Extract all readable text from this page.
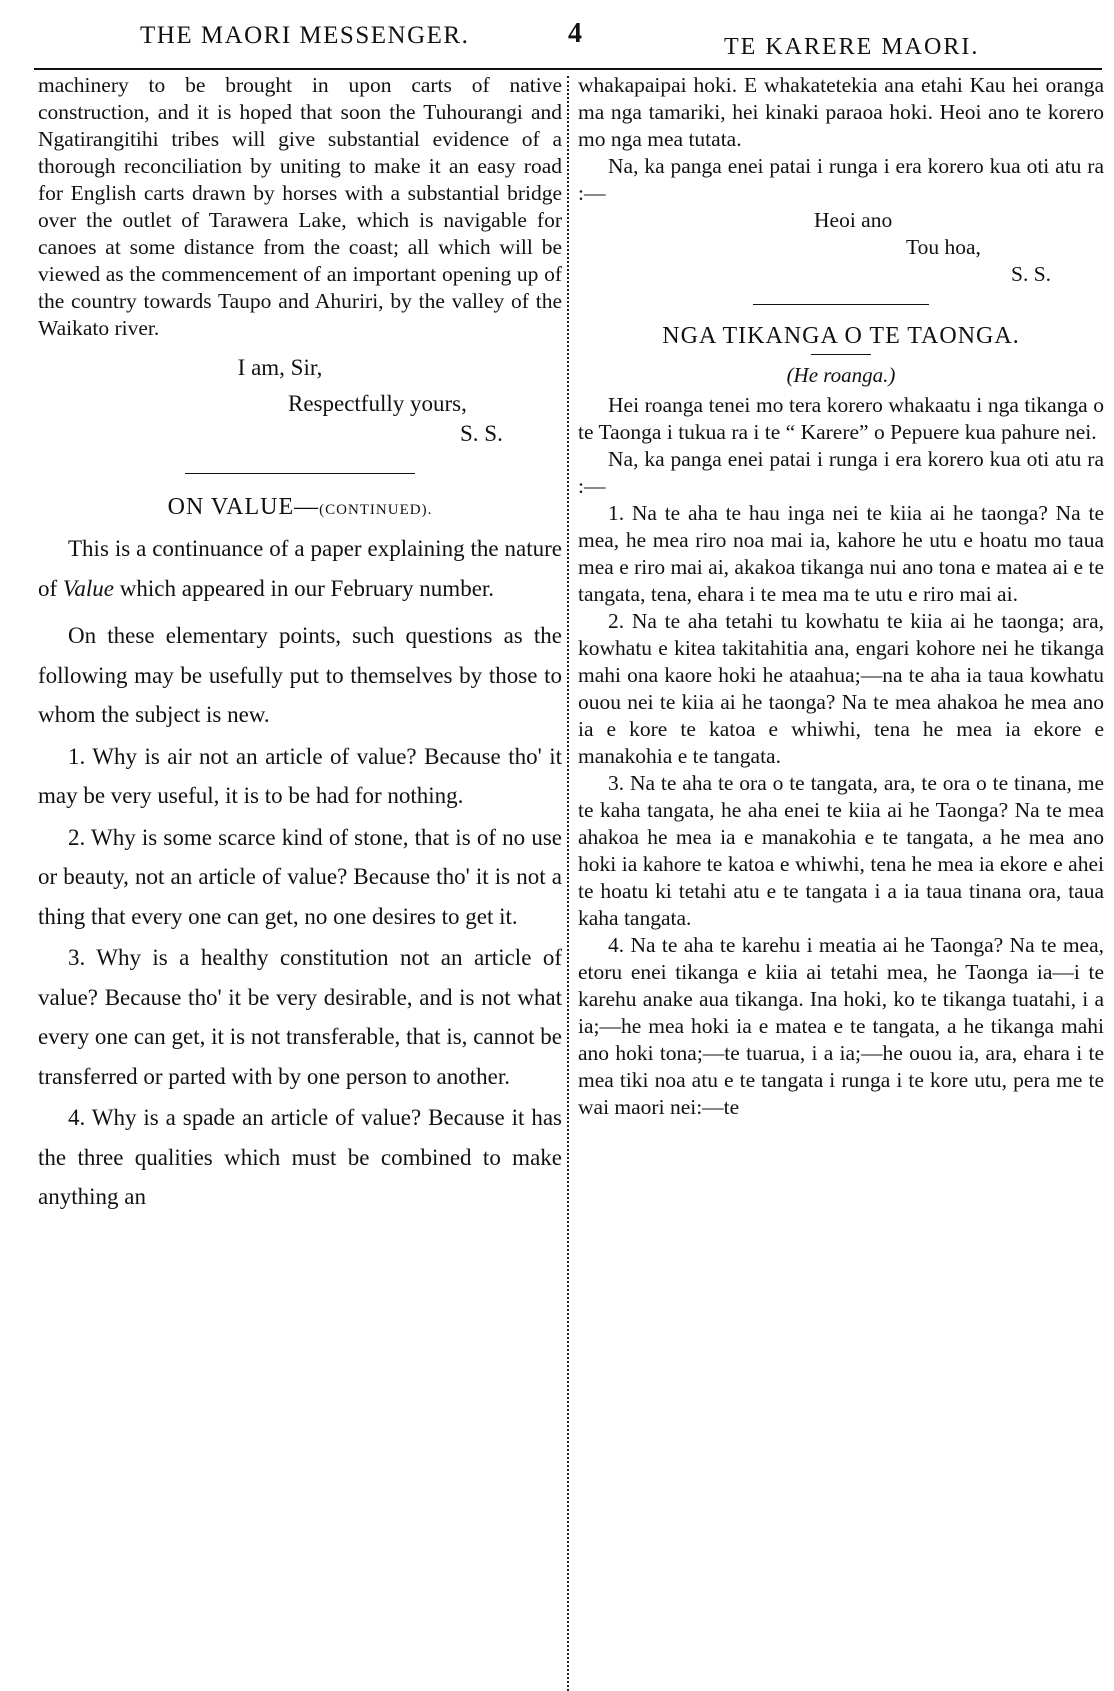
THE MAORI MESSENGER.	4	TE KARERE MAORI.

machinery to be brought in upon carts of native construction, and it is hoped that soon the Tuhourangi and Ngatirangitihi tribes will give substantial evidence of a thorough reconciliation by uniting to make it an easy road for English carts drawn by horses with a substantial bridge over the outlet of Tarawera Lake, which is navigable for canoes at some distance from the coast; all which will be viewed as the commencement of an important opening up of the country towards Taupo and Ahuriri, by the valley of the Waikato river.

I am, Sir,
Respectfully yours,
S. S.
ON VALUE—(CONTINUED).

This is a continuance of a paper explaining the nature of Value which appeared in our February number.

On these elementary points, such questions as the following may be usefully put to themselves by those to whom the subject is new.

1. Why is air not an article of value? Because tho' it may be very useful, it is to be had for nothing.

2. Why is some scarce kind of stone, that is of no use or beauty, not an article of value? Because tho' it is not a thing that every one can get, no one desires to get it.

3. Why is a healthy constitution not an article of value? Because tho' it be very desirable, and is not what every one can get, it is not transferable, that is, cannot be transferred or parted with by one person to another.

4. Why is a spade an article of value? Because it has the three qualities which must be combined to make anything an

whakapaipai hoki. E whakatetekia ana etahi Kau hei oranga ma nga tamariki, hei kinaki paraoa hoki. Heoi ano te korero mo nga mea tutata.

Na, ka panga enei patai i runga i era korero kua oti atu ra :—

Heoi ano
Tou hoa,
S. S.
NGA TIKANGA O TE TAONGA.
(He roanga.)

Hei roanga tenei mo tera korero whakaatu i nga tikanga o te Taonga i tukua ra i te “ Karere” o Pepuere kua pahure nei.

Na, ka panga enei patai i runga i era korero kua oti atu ra :—

1. Na te aha te hau inga nei te kiia ai he taonga? Na te mea, he mea riro noa mai ia, kahore he utu e hoatu mo taua mea e riro mai ai, akakoa tikanga nui ano tona e matea ai e te tangata, tena, ehara i te mea ma te utu e riro mai ai.

2. Na te aha tetahi tu kowhatu te kiia ai he taonga; ara, kowhatu e kitea takitahitia ana, engari kohore nei he tikanga mahi ona kaore hoki he ataahua;—na te aha ia taua kowhatu ouou nei te kiia ai he taonga? Na te mea ahakoa he mea ano ia e kore te katoa e whiwhi, tena he mea ia ekore e manakohia e te tangata.

3. Na te aha te ora o te tangata, ara, te ora o te tinana, me te kaha tangata, he aha enei te kiia ai he Taonga? Na te mea ahakoa he mea ia e manakohia e te tangata, a he mea ano hoki ia kahore te katoa e whiwhi, tena he mea ia ekore e ahei te hoatu ki tetahi atu e te tangata i a ia taua tinana ora, taua kaha tangata.

4. Na te aha te karehu i meatia ai he Taonga? Na te mea, etoru enei tikanga e kiia ai tetahi mea, he Taonga ia—i te karehu anake aua tikanga. Ina hoki, ko te tikanga tuatahi, i a ia;—he mea hoki ia e matea e te tangata, a he tikanga mahi ano hoki tona;—te tuarua, i a ia;—he ouou ia, ara, ehara i te mea tiki noa atu e te tangata i runga i te kore utu, pera me te wai maori nei:—te
